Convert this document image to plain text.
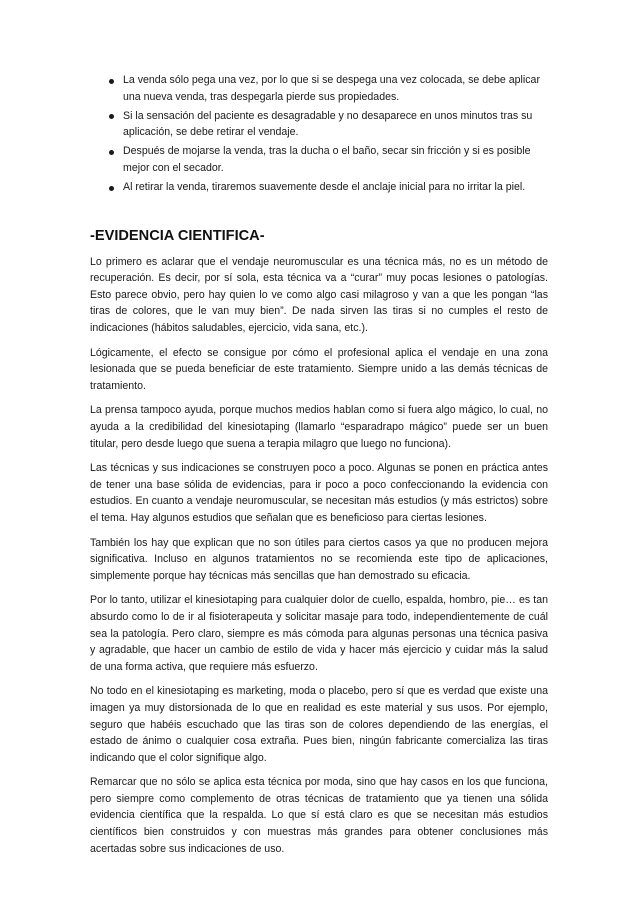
La venda sólo pega una vez, por lo que si se despega una vez colocada, se debe aplicar una nueva venda, tras despegarla pierde sus propiedades.
Si la sensación del paciente es desagradable y no desaparece en unos minutos tras su aplicación, se debe retirar el vendaje.
Después de mojarse la venda, tras la ducha o el baño, secar sin fricción y si es posible mejor con el secador.
Al retirar la venda, tiraremos suavemente desde el anclaje inicial para no irritar la piel.
-EVIDENCIA CIENTIFICA-

Lo primero es aclarar que el vendaje neuromuscular es una técnica más, no es un método de recuperación. Es decir, por sí sola, esta técnica va a “curar” muy pocas lesiones o patologías. Esto parece obvio, pero hay quien lo ve como algo casi milagroso y van a que les pongan “las tiras de colores, que le van muy bien”. De nada sirven las tiras si no cumples el resto de indicaciones (hábitos saludables, ejercicio, vida sana, etc.).

Lógicamente, el efecto se consigue por cómo el profesional aplica el vendaje en una zona lesionada que se pueda beneficiar de este tratamiento. Siempre unido a las demás técnicas de tratamiento.

La prensa tampoco ayuda, porque muchos medios hablan como si fuera algo mágico, lo cual, no ayuda a la credibilidad del kinesiotaping (llamarlo “esparadrapo mágico” puede ser un buen titular, pero desde luego que suena a terapia milagro que luego no funciona).

Las técnicas y sus indicaciones se construyen poco a poco. Algunas se ponen en práctica antes de tener una base sólida de evidencias, para ir poco a poco confeccionando la evidencia con estudios. En cuanto a vendaje neuromuscular, se necesitan más estudios (y más estrictos) sobre el tema. Hay algunos estudios que señalan que es beneficioso para ciertas lesiones.

También los hay que explican que no son útiles para ciertos casos ya que no producen mejora significativa. Incluso en algunos tratamientos no se recomienda este tipo de aplicaciones, simplemente porque hay técnicas más sencillas que han demostrado su eficacia.

Por lo tanto, utilizar el kinesiotaping para cualquier dolor de cuello, espalda, hombro, pie… es tan absurdo como lo de ir al fisioterapeuta y solicitar masaje para todo, independientemente de cuál sea la patología. Pero claro, siempre es más cómoda para algunas personas una técnica pasiva y agradable, que hacer un cambio de estilo de vida y hacer más ejercicio y cuidar más la salud de una forma activa, que requiere más esfuerzo.

No todo en el kinesiotaping es marketing, moda o placebo, pero sí que es verdad que existe una imagen ya muy distorsionada de lo que en realidad es este material y sus usos. Por ejemplo, seguro que habéis escuchado que las tiras son de colores dependiendo de las energías, el estado de ánimo o cualquier cosa extraña. Pues bien, ningún fabricante comercializa las tiras indicando que el color signifique algo.

Remarcar que no sólo se aplica esta técnica por moda, sino que hay casos en los que funciona, pero siempre como complemento de otras técnicas de tratamiento que ya tienen una sólida evidencia científica que la respalda. Lo que sí está claro es que se necesitan más estudios científicos bien construidos y con muestras más grandes para obtener conclusiones más acertadas sobre sus indicaciones de uso.
